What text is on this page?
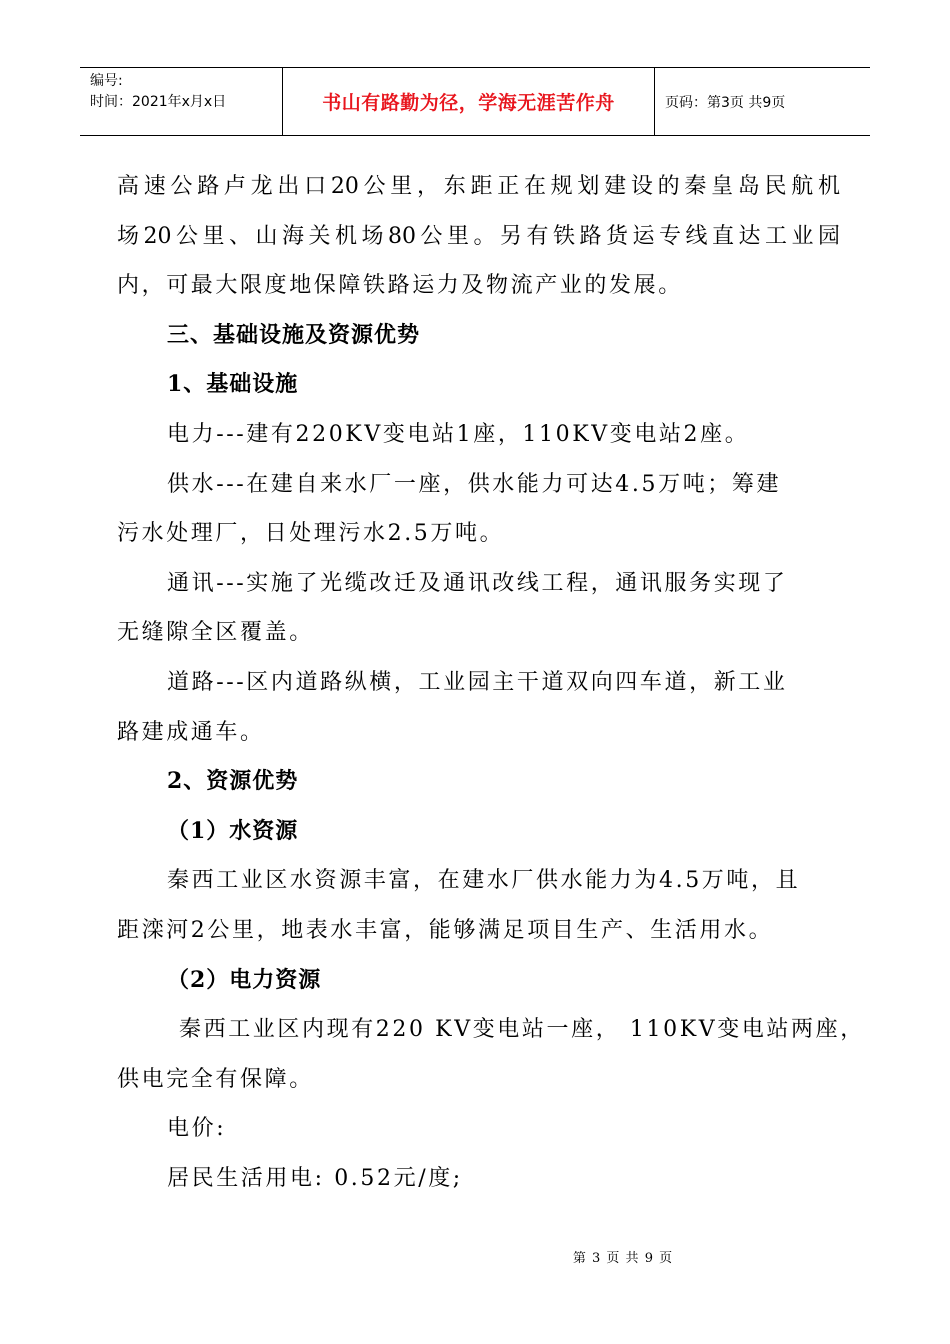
编号:
时间：2021年x月x日	书山有路勤为径，学海无涯苦作舟	页码：第3页 共9页
高速公路卢龙出口20公里，东距正在规划建设的秦皇岛民航机
场20公里、山海关机场80公里。另有铁路货运专线直达工业园
内，可最大限度地保障铁路运力及物流产业的发展。
三、基础设施及资源优势
1、基础设施
电力---建有220KV变电站1座，110KV变电站2座。
供水---在建自来水厂一座，供水能力可达4.5万吨；筹建
污水处理厂，日处理污水2.5万吨。
通讯---实施了光缆改迁及通讯改线工程，通讯服务实现了
无缝隙全区覆盖。
道路---区内道路纵横，工业园主干道双向四车道，新工业
路建成通车。
2、资源优势
（1）水资源
秦西工业区水资源丰富，在建水厂供水能力为4.5万吨，且
距滦河2公里，地表水丰富，能够满足项目生产、生活用水。
（2）电力资源
秦西工业区内现有220 KV变电站一座， 110KV变电站两座，
供电完全有保障。
电价:
居民生活用电: 0.52元/度;
第 3 页 共 9 页
